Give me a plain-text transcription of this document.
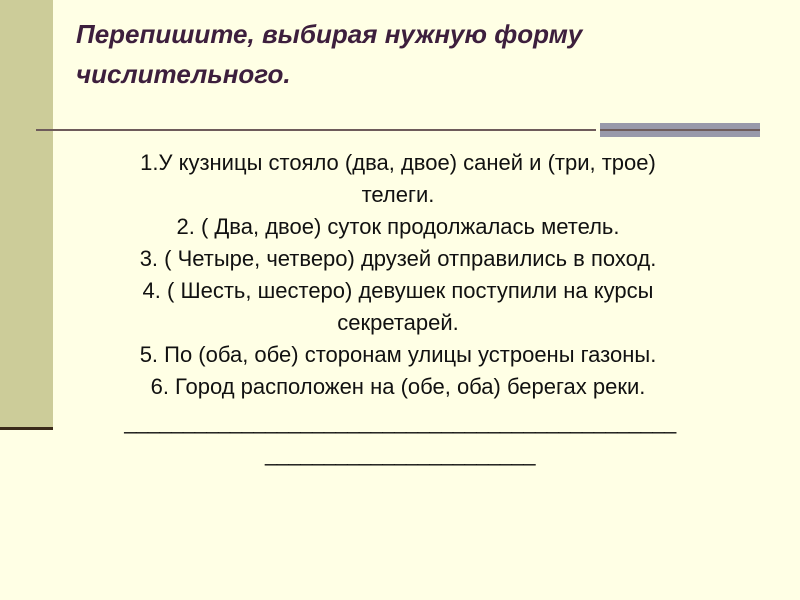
Перепишите, выбирая нужную форму
числительного.
1.У кузницы стояло (два, двое) саней и (три, трое)
телеги.
2. ( Два, двое) суток продолжалась метель.
3. ( Четыре, четверо) друзей отправились в поход.
4. ( Шесть, шестеро) девушек поступили на курсы
секретарей.
5. По (оба, обе) сторонам улицы устроены газоны.
6. Город расположен на (обе, оба) берегах реки.
_______________________________________________
_______________________
